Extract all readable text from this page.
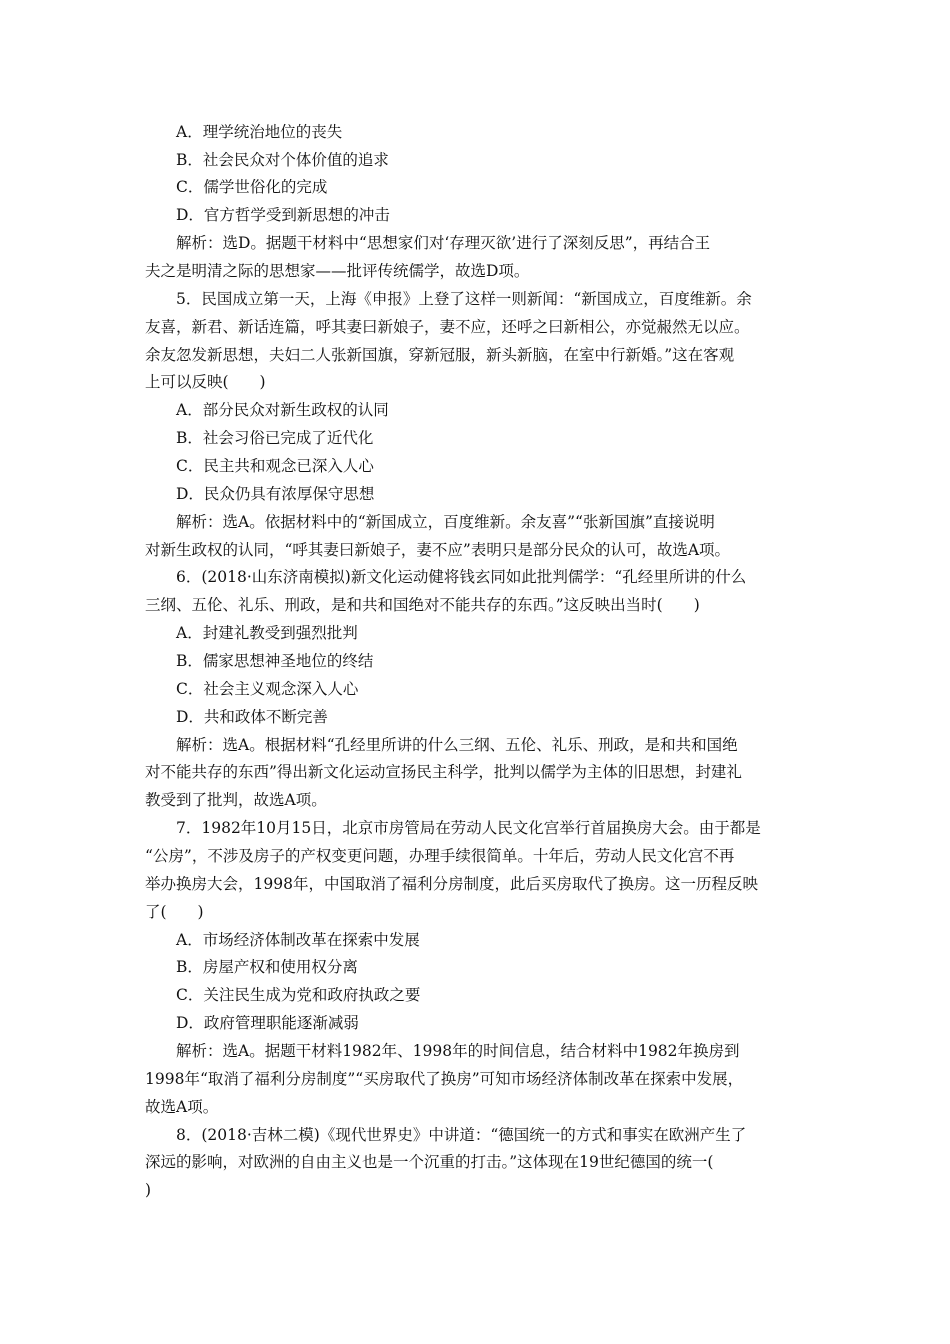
A．理学统治地位的丧失
B．社会民众对个体价值的追求
C．儒学世俗化的完成
D．官方哲学受到新思想的冲击
解析：选D。据题干材料中“思想家们对‘存理灭欲’进行了深刻反思”，再结合王
夫之是明清之际的思想家——批评传统儒学，故选D项。
5．民国成立第一天，上海《申报》上登了这样一则新闻：“新国成立，百度维新。余
友喜，新君、新话连篇，呼其妻曰新娘子，妻不应，还呼之曰新相公，亦觉赧然无以应。
余友忽发新思想，夫妇二人张新国旗，穿新冠服，新头新脑，在室中行新婚。”这在客观
上可以反映(　　)
A．部分民众对新生政权的认同
B．社会习俗已完成了近代化
C．民主共和观念已深入人心
D．民众仍具有浓厚保守思想
解析：选A。依据材料中的“新国成立，百度维新。余友喜”“张新国旗”直接说明
对新生政权的认同，“呼其妻曰新娘子，妻不应”表明只是部分民众的认可，故选A项。
6．(2018·山东济南模拟)新文化运动健将钱玄同如此批判儒学：“孔经里所讲的什么
三纲、五伦、礼乐、刑政，是和共和国绝对不能共存的东西。”这反映出当时(　　)
A．封建礼教受到强烈批判
B．儒家思想神圣地位的终结
C．社会主义观念深入人心
D．共和政体不断完善
解析：选A。根据材料“孔经里所讲的什么三纲、五伦、礼乐、刑政，是和共和国绝
对不能共存的东西”得出新文化运动宣扬民主科学，批判以儒学为主体的旧思想，封建礼
教受到了批判，故选A项。
7．1982年10月15日，北京市房管局在劳动人民文化宫举行首届换房大会。由于都是
“公房”，不涉及房子的产权变更问题，办理手续很简单。十年后，劳动人民文化宫不再
举办换房大会，1998年，中国取消了福利分房制度，此后买房取代了换房。这一历程反映
了(　　)
A．市场经济体制改革在探索中发展
B．房屋产权和使用权分离
C．关注民生成为党和政府执政之要
D．政府管理职能逐渐减弱
解析：选A。据题干材料1982年、1998年的时间信息，结合材料中1982年换房到
1998年“取消了福利分房制度”“买房取代了换房”可知市场经济体制改革在探索中发展，
故选A项。
8．(2018·吉林二模)《现代世界史》中讲道：“德国统一的方式和事实在欧洲产生了
深远的影响，对欧洲的自由主义也是一个沉重的打击。”这体现在19世纪德国的统一(
)
